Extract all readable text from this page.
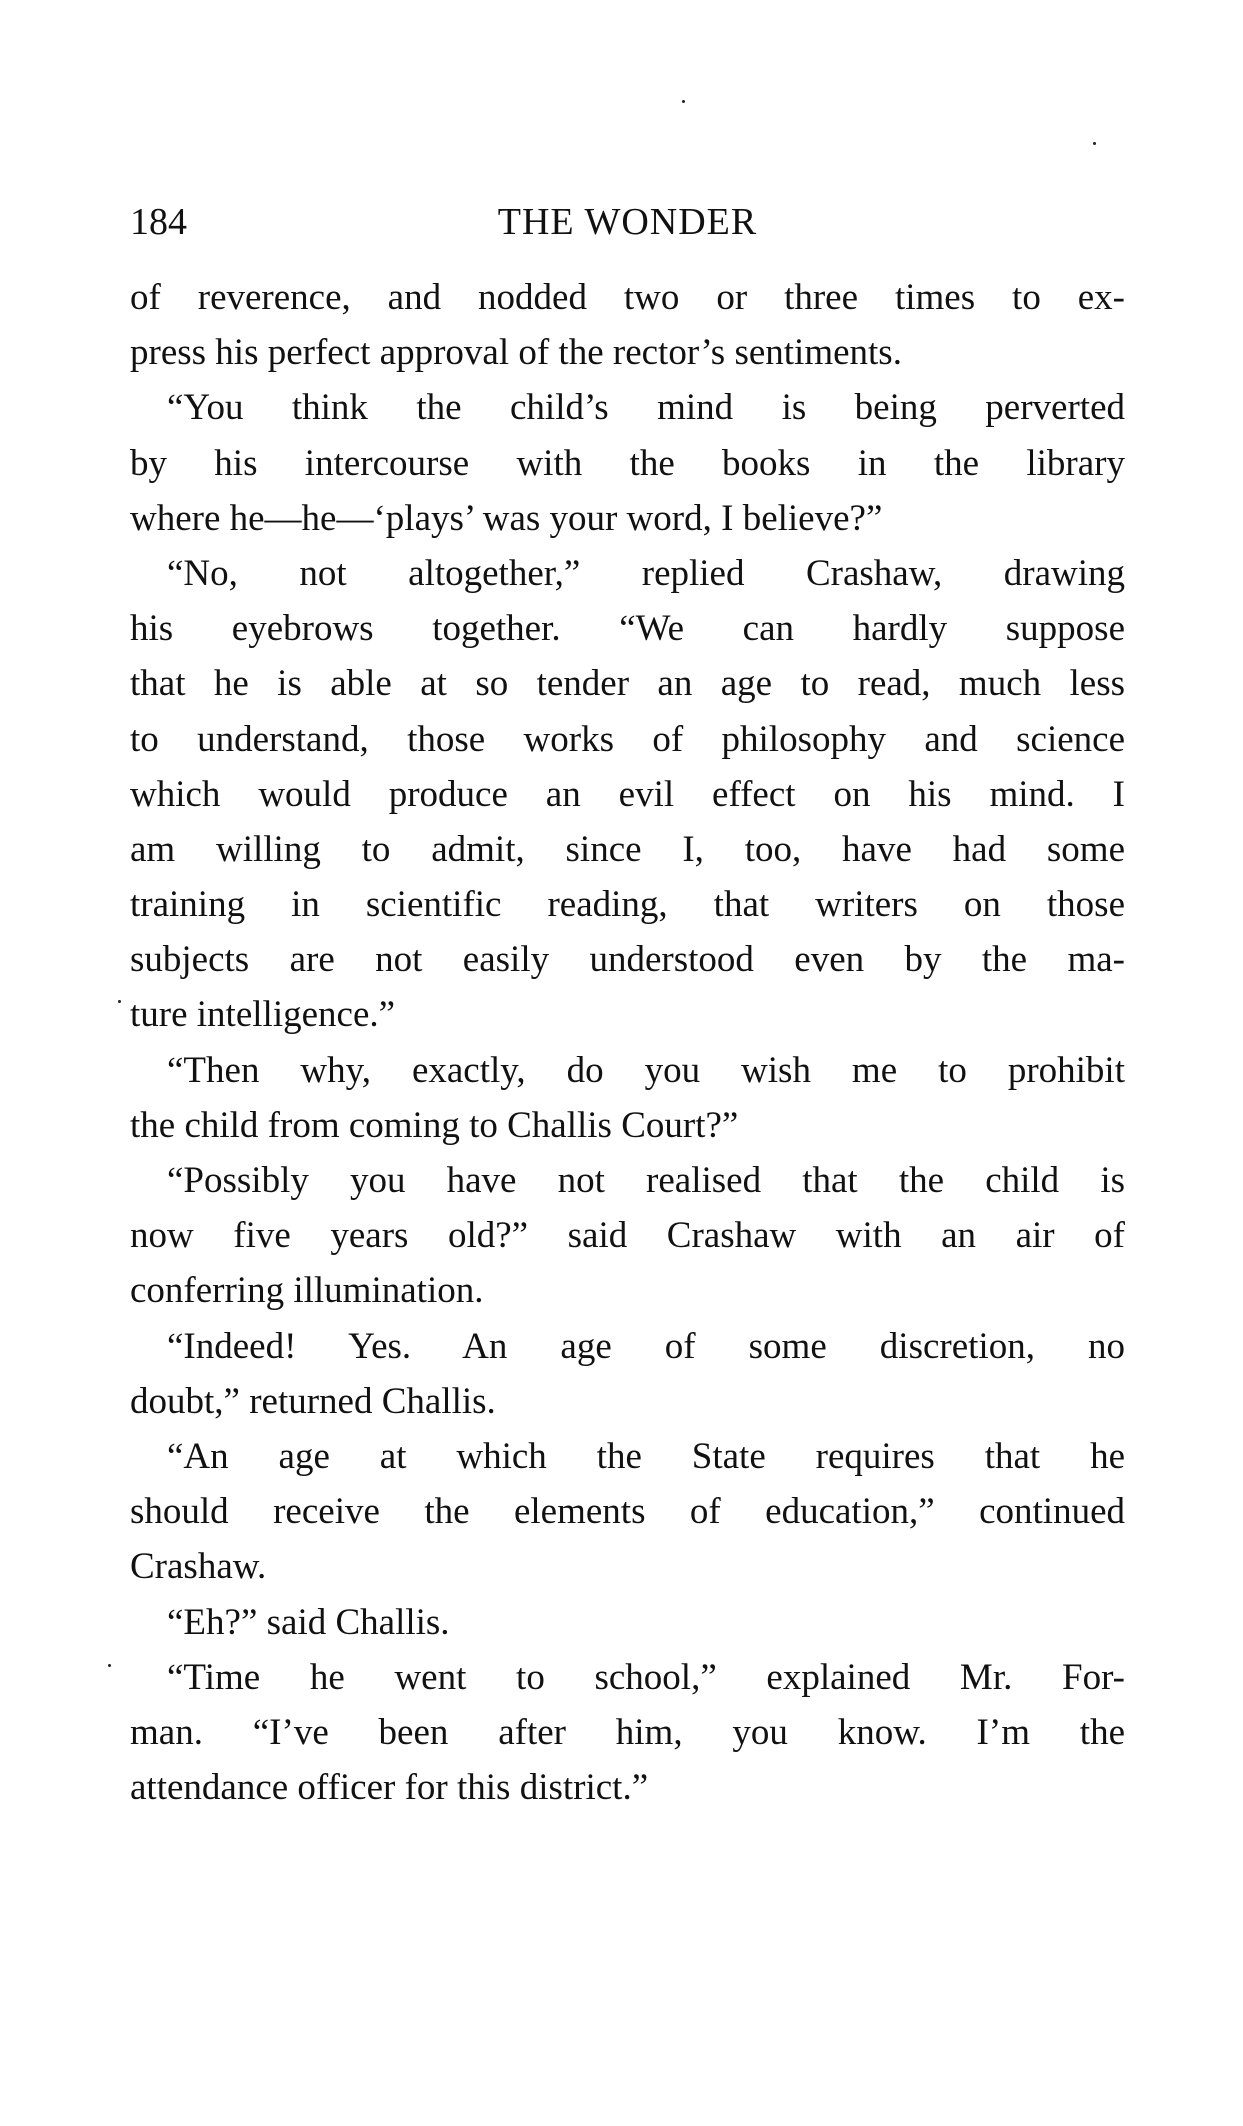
184	THE WONDER
of reverence, and nodded two or three times to ex-
press his perfect approval of the rector’s sentiments.
“You think the child’s mind is being perverted
by his intercourse with the books in the library
where he—he—‘plays’ was your word, I believe?”
“No, not altogether,” replied Crashaw, drawing
his eyebrows together. “We can hardly suppose
that he is able at so tender an age to read, much less
to understand, those works of philosophy and science
which would produce an evil effect on his mind. I
am willing to admit, since I, too, have had some
training in scientific reading, that writers on those
subjects are not easily understood even by the ma-
ture intelligence.”
“Then why, exactly, do you wish me to prohibit
the child from coming to Challis Court?”
“Possibly you have not realised that the child is
now five years old?” said Crashaw with an air of
conferring illumination.
“Indeed! Yes. An age of some discretion, no
doubt,” returned Challis.
“An age at which the State requires that he
should receive the elements of education,” continued
Crashaw.
“Eh?” said Challis.
“Time he went to school,” explained Mr. For-
man. “I’ve been after him, you know. I’m the
attendance officer for this district.”
